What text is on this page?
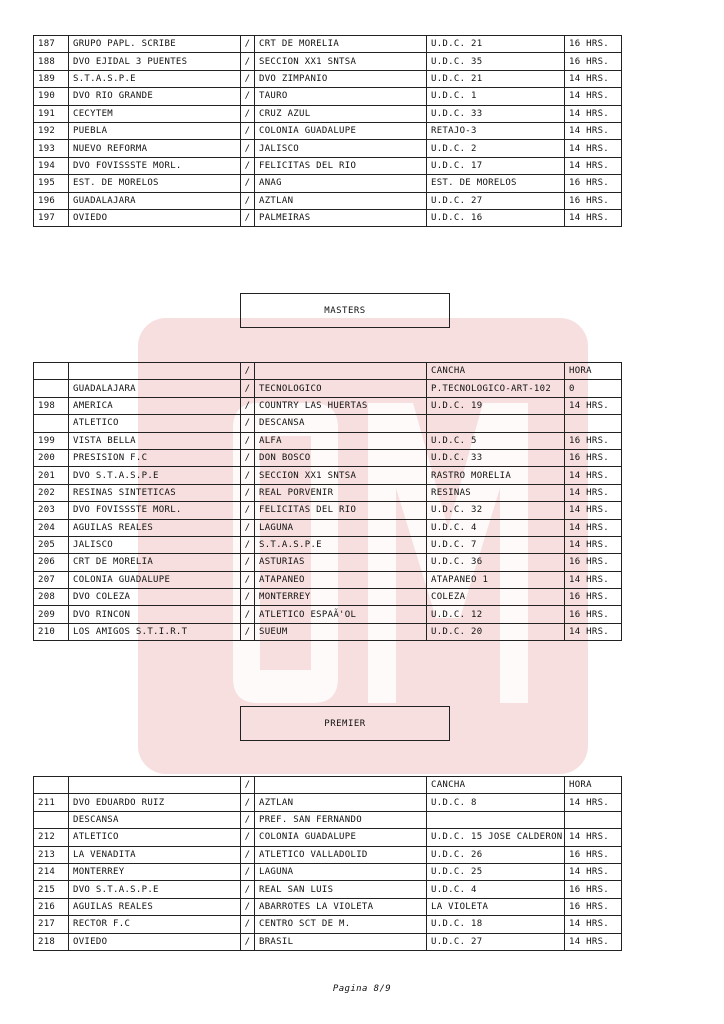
187	GRUPO PAPL. SCRIBE	/	CRT DE MORELIA	U.D.C. 21	16 HRS.
188	DVO EJIDAL 3 PUENTES	/	SECCION XX1 SNTSA	U.D.C. 35	16 HRS.
189	S.T.A.S.P.E	/	DVO ZIMPANIO	U.D.C. 21	14 HRS.
190	DVO RIO GRANDE	/	TAURO	U.D.C. 1	14 HRS.
191	CECYTEM	/	CRUZ AZUL	U.D.C. 33	14 HRS.
192	PUEBLA	/	COLONIA GUADALUPE	RETAJO-3	14 HRS.
193	NUEVO REFORMA	/	JALISCO	U.D.C. 2	14 HRS.
194	DVO FOVISSSTE MORL.	/	FELICITAS DEL RIO	U.D.C. 17	14 HRS.
195	EST. DE MORELOS	/	ANAG	EST. DE MORELOS	16 HRS.
196	GUADALAJARA	/	AZTLAN	U.D.C. 27	16 HRS.
197	OVIEDO	/	PALMEIRAS	U.D.C. 16	14 HRS.
MASTERS
		/		CANCHA	HORA
	GUADALAJARA	/	TECNOLOGICO	P.TECNOLOGICO-ART-102	0
198	AMERICA	/	COUNTRY LAS HUERTAS	U.D.C. 19	14 HRS.
	ATLETICO	/	DESCANSA		
199	VISTA BELLA	/	ALFA	U.D.C. 5	16 HRS.
200	PRESISION F.C	/	DON BOSCO	U.D.C. 33	16 HRS.
201	DVO S.T.A.S.P.E	/	SECCION XX1 SNTSA	RASTRO MORELIA	14 HRS.
202	RESINAS SINTETICAS	/	REAL PORVENIR	RESINAS	14 HRS.
203	DVO FOVISSSTE MORL.	/	FELICITAS DEL RIO	U.D.C. 32	14 HRS.
204	AGUILAS REALES	/	LAGUNA	U.D.C. 4	14 HRS.
205	JALISCO	/	S.T.A.S.P.E	U.D.C. 7	14 HRS.
206	CRT DE MORELIA	/	ASTURIAS	U.D.C. 36	16 HRS.
207	COLONIA GUADALUPE	/	ATAPANEO	ATAPANEO 1	14 HRS.
208	DVO COLEZA	/	MONTERREY	COLEZA	16 HRS.
209	DVO RINCON	/	ATLETICO ESPAÃ'OL	U.D.C. 12	16 HRS.
210	LOS AMIGOS S.T.I.R.T	/	SUEUM	U.D.C. 20	14 HRS.
PREMIER
		/		CANCHA	HORA
211	DVO EDUARDO RUIZ	/	AZTLAN	U.D.C. 8	14 HRS.
	DESCANSA	/	PREF. SAN FERNANDO		
212	ATLETICO	/	COLONIA GUADALUPE	U.D.C. 15 JOSE CALDERON	14 HRS.
213	LA VENADITA	/	ATLETICO VALLADOLID	U.D.C. 26	16 HRS.
214	MONTERREY	/	LAGUNA	U.D.C. 25	14 HRS.
215	DVO S.T.A.S.P.E	/	REAL SAN LUIS	U.D.C. 4	16 HRS.
216	AGUILAS REALES	/	ABARROTES LA VIOLETA	LA VIOLETA	16 HRS.
217	RECTOR F.C	/	CENTRO SCT DE M.	U.D.C. 18	14 HRS.
218	OVIEDO	/	BRASIL	U.D.C. 27	14 HRS.
Pagina 8/9
